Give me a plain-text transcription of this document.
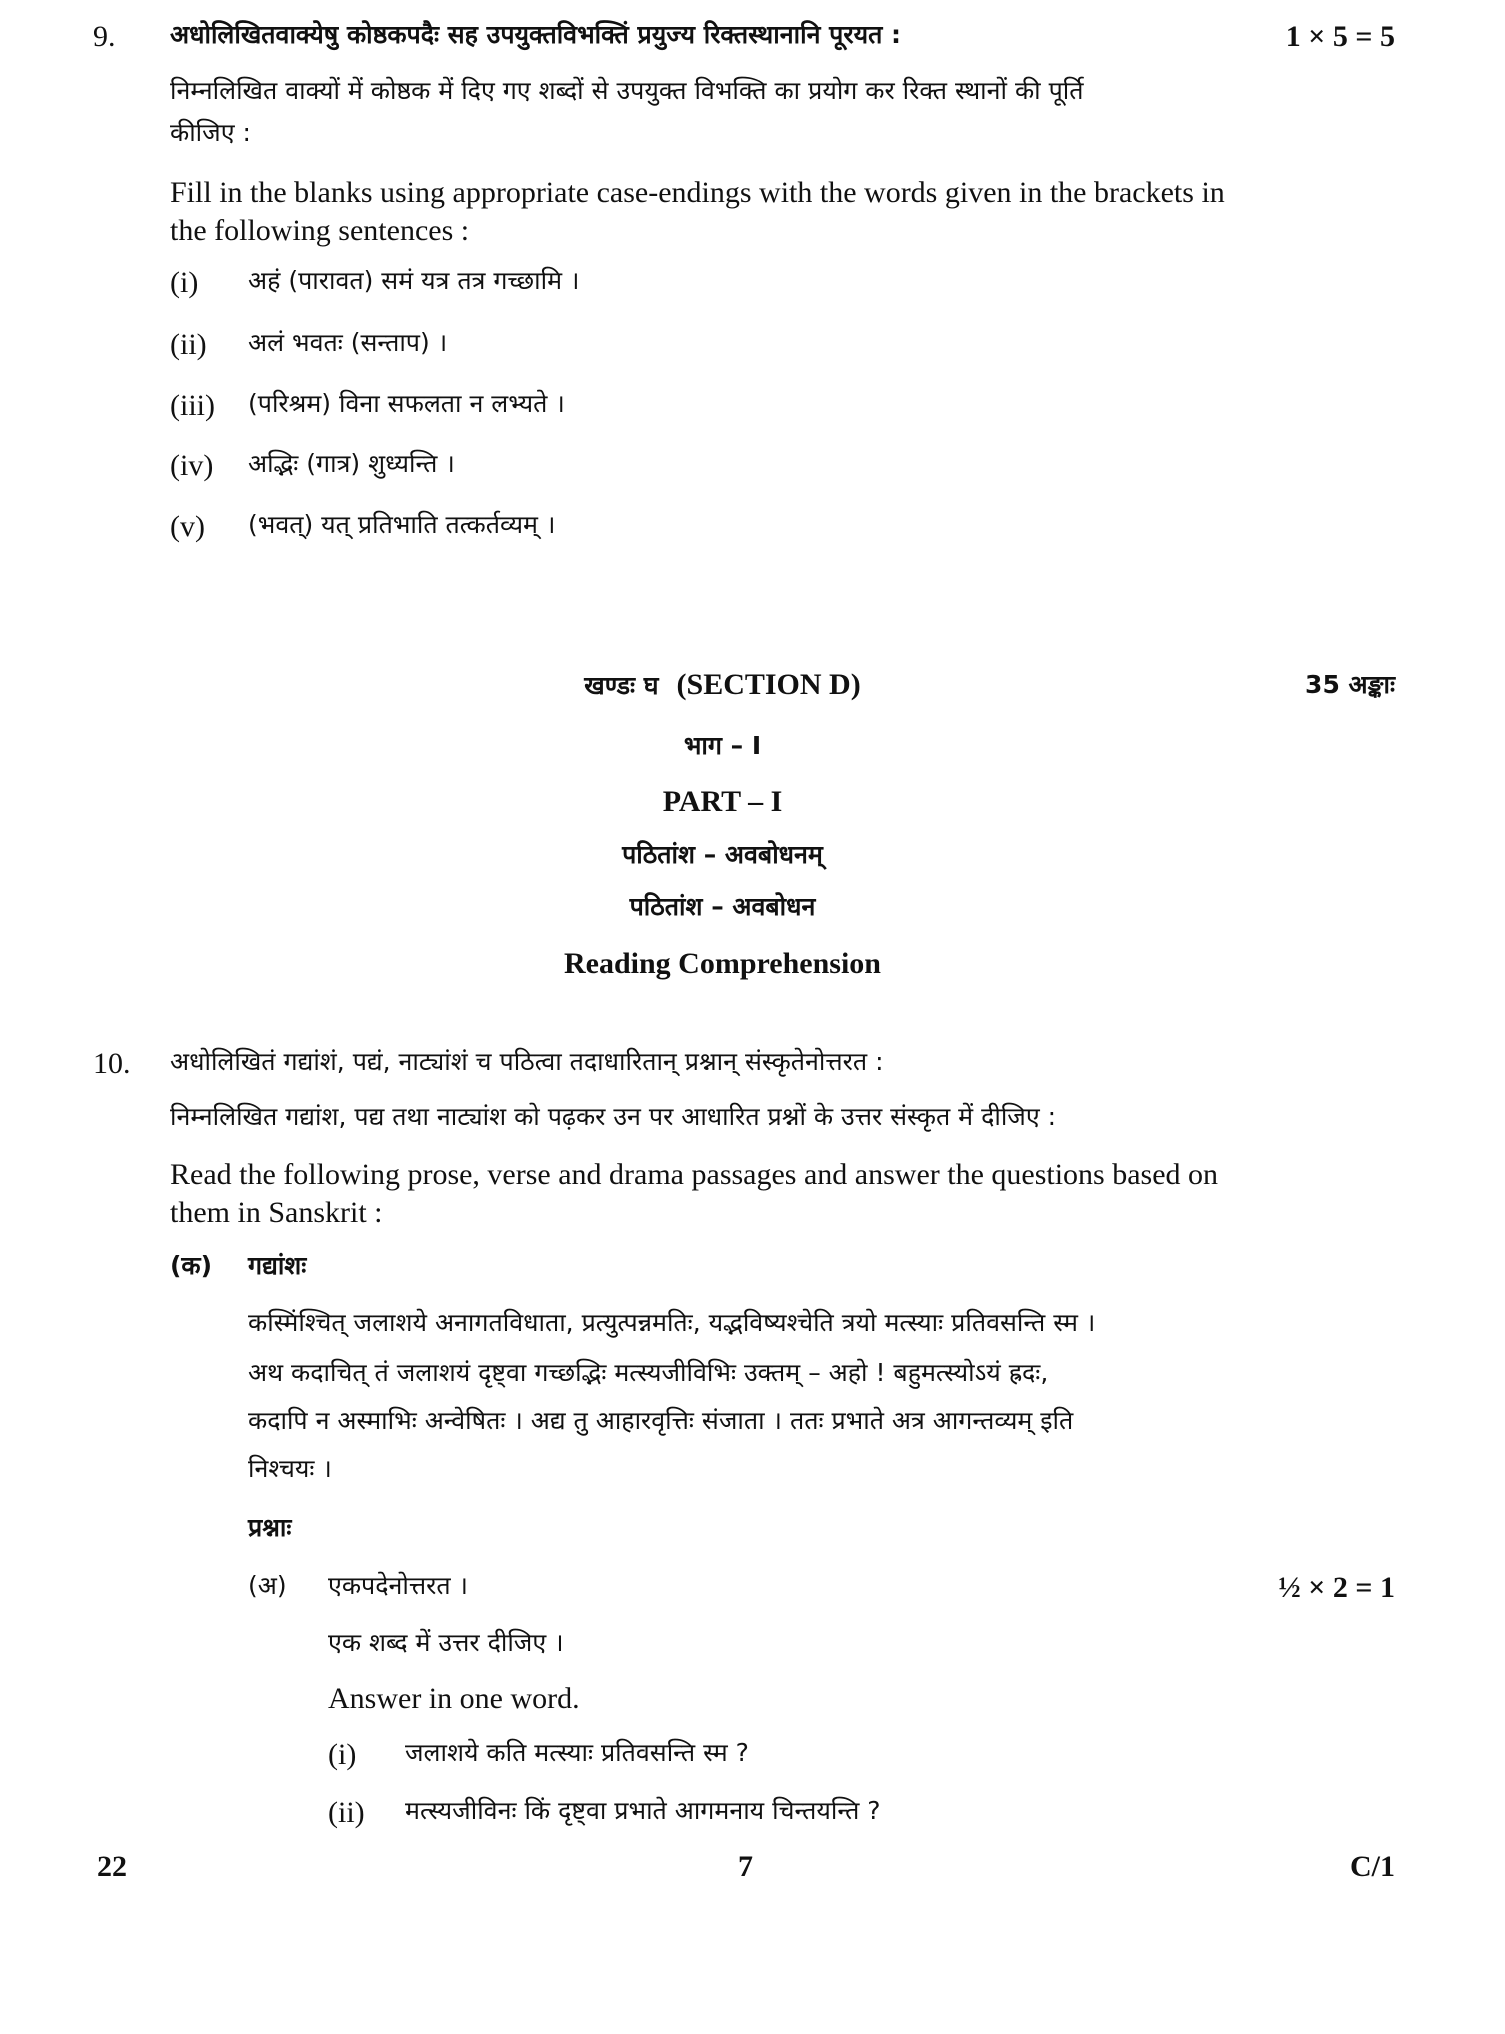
9. अधोलिखितवाक्येषु कोष्ठकपदैः सह उपयुक्तविभक्तिं प्रयुज्य रिक्तस्थानानि पूरयत :	1 × 5 = 5
निम्नलिखित वाक्यों में कोष्ठक में दिए गए शब्दों से उपयुक्त विभक्ति का प्रयोग कर रिक्त स्थानों की पूर्ति
कीजिए :
Fill in the blanks using appropriate case-endings with the words given in the brackets in
the following sentences :
(i) अहं (पारावत) समं यत्र तत्र गच्छामि ।
(ii) अलं भवतः (सन्ताप) ।
(iii) (परिश्रम) विना सफलता न लभ्यते ।
(iv) अद्भिः (गात्र) शुध्यन्ति ।
(v) (भवत्) यत् प्रतिभाति तत्कर्तव्यम् ।
खण्डः घ (SECTION D)	35 अङ्काः
भाग – I
PART – I
पठितांश – अवबोधनम्
पठितांश – अवबोधन
Reading Comprehension
10. अधोलिखितं गद्यांशं, पद्यं, नाट्यांशं च पठित्वा तदाधारितान् प्रश्नान् संस्कृतेनोत्तरत :
निम्नलिखित गद्यांश, पद्य तथा नाट्यांश को पढ़कर उन पर आधारित प्रश्नों के उत्तर संस्कृत में दीजिए :
Read the following prose, verse and drama passages and answer the questions based on
them in Sanskrit :
(क) गद्यांशः
कस्मिंश्चित् जलाशये अनागतविधाता, प्रत्युत्पन्नमतिः, यद्भविष्यश्चेति त्रयो मत्स्याः प्रतिवसन्ति स्म ।
अथ कदाचित् तं जलाशयं दृष्ट्वा गच्छद्भिः मत्स्यजीविभिः उक्तम् – अहो ! बहुमत्स्योऽयं ह्रदः,
कदापि न अस्माभिः अन्वेषितः । अद्य तु आहारवृत्तिः संजाता । ततः प्रभाते अत्र आगन्तव्यम् इति
निश्चयः ।
प्रश्नाः
(अ) एकपदेनोत्तरत ।	½ × 2 = 1
एक शब्द में उत्तर दीजिए ।
Answer in one word.
(i) जलाशये कति मत्स्याः प्रतिवसन्ति स्म ?
(ii) मत्स्यजीविनः किं दृष्ट्वा प्रभाते आगमनाय चिन्तयन्ति ?
22	7	C/1
